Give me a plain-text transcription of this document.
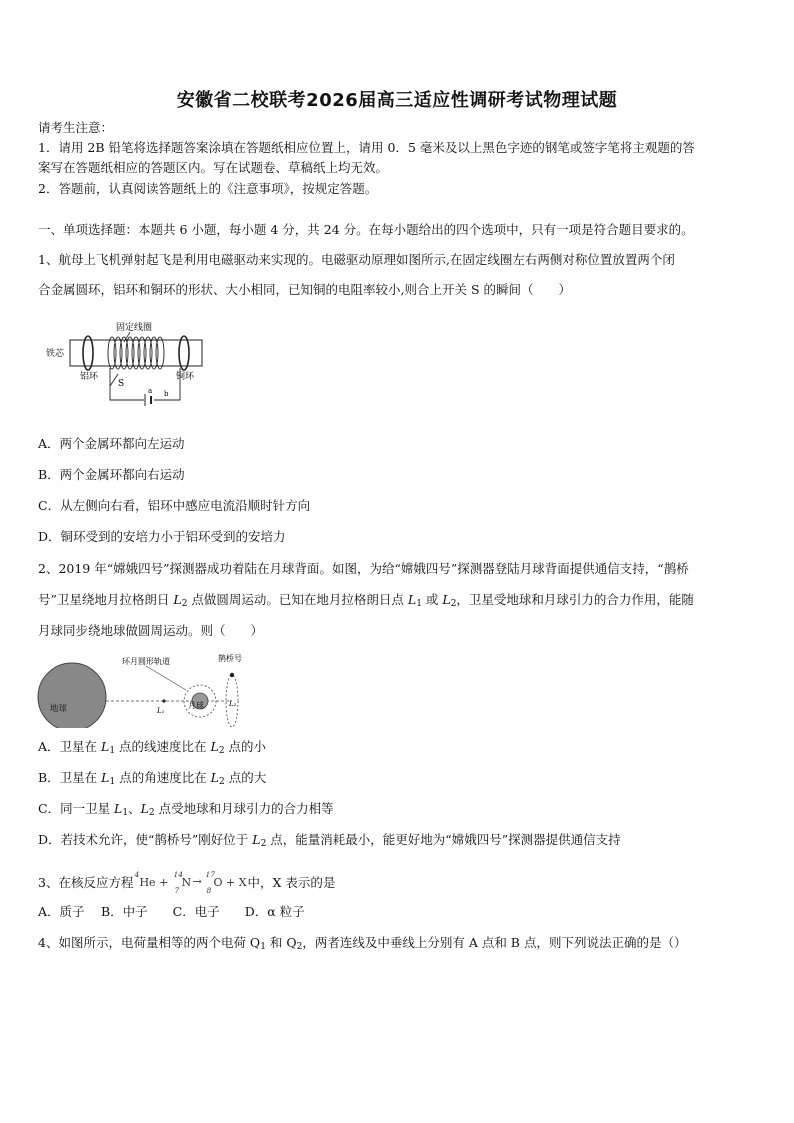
安徽省二校联考2026届高三适应性调研考试物理试题
请考生注意：
1．请用 2B 铅笔将选择题答案涂填在答题纸相应位置上，请用 0．5 毫米及以上黑色字迹的钢笔或签字笔将主观题的答
案写在答题纸相应的答题区内。写在试题卷、草稿纸上均无效。
2．答题前，认真阅读答题纸上的《注意事项》，按规定答题。
一、单项选择题：本题共 6 小题，每小题 4 分，共 24 分。在每小题给出的四个选项中，只有一项是符合题目要求的。
1、航母上飞机弹射起飞是利用电磁驱动来实现的。电磁驱动原理如图所示,在固定线圈左右两侧对称位置放置两个闭
合金属圆环，铝环和铜环的形状、大小相同，已知铜的电阻率较小,则合上开关 S 的瞬间（　　）
固定线圈
铁芯
铝环	铜环
S
a b
A．两个金属环都向左运动
B．两个金属环都向右运动
C．从左侧向右看，铝环中感应电流沿顺时针方向
D．铜环受到的安培力小于铝环受到的安培力
2、2019 年“嫦娥四号”探测器成功着陆在月球背面。如图，为给“嫦娥四号”探测器登陆月球背面提供通信支持，“鹊桥
号”卫星绕地月拉格朗日 $L_2$ 点做圆周运动。已知在地月拉格朗日点 $L_1$ 或 $L_2$，卫星受地球和月球引力的合力作用，能随
月球同步绕地球做圆周运动。则（　　）
环月圆形轨道	鹊桥号
地球	L₁
月球	L₂
A．卫星在 $L_1$ 点的线速度比在 $L_2$ 点的小
B．卫星在 $L_1$ 点的角速度比在 $L_2$ 点的大
C．同一卫星 $L_1$、$L_2$ 点受地球和月球引力的合力相等
D．若技术允许，使“鹊桥号”刚好位于 $L_2$ 点，能量消耗最小，能更好地为“嫦娥四号”探测器提供通信支持
3、在核反应方程
4
He +
14
7
N →
17
8
O + X 中，X 表示的是
A．质子　 B．中子　　C．电子　　D．α 粒子
4、如图所示，电荷量相等的两个电荷 $Q_1$ 和 $Q_2$，两者连线及中垂线上分别有 A 点和 B 点，则下列说法正确的是（）
